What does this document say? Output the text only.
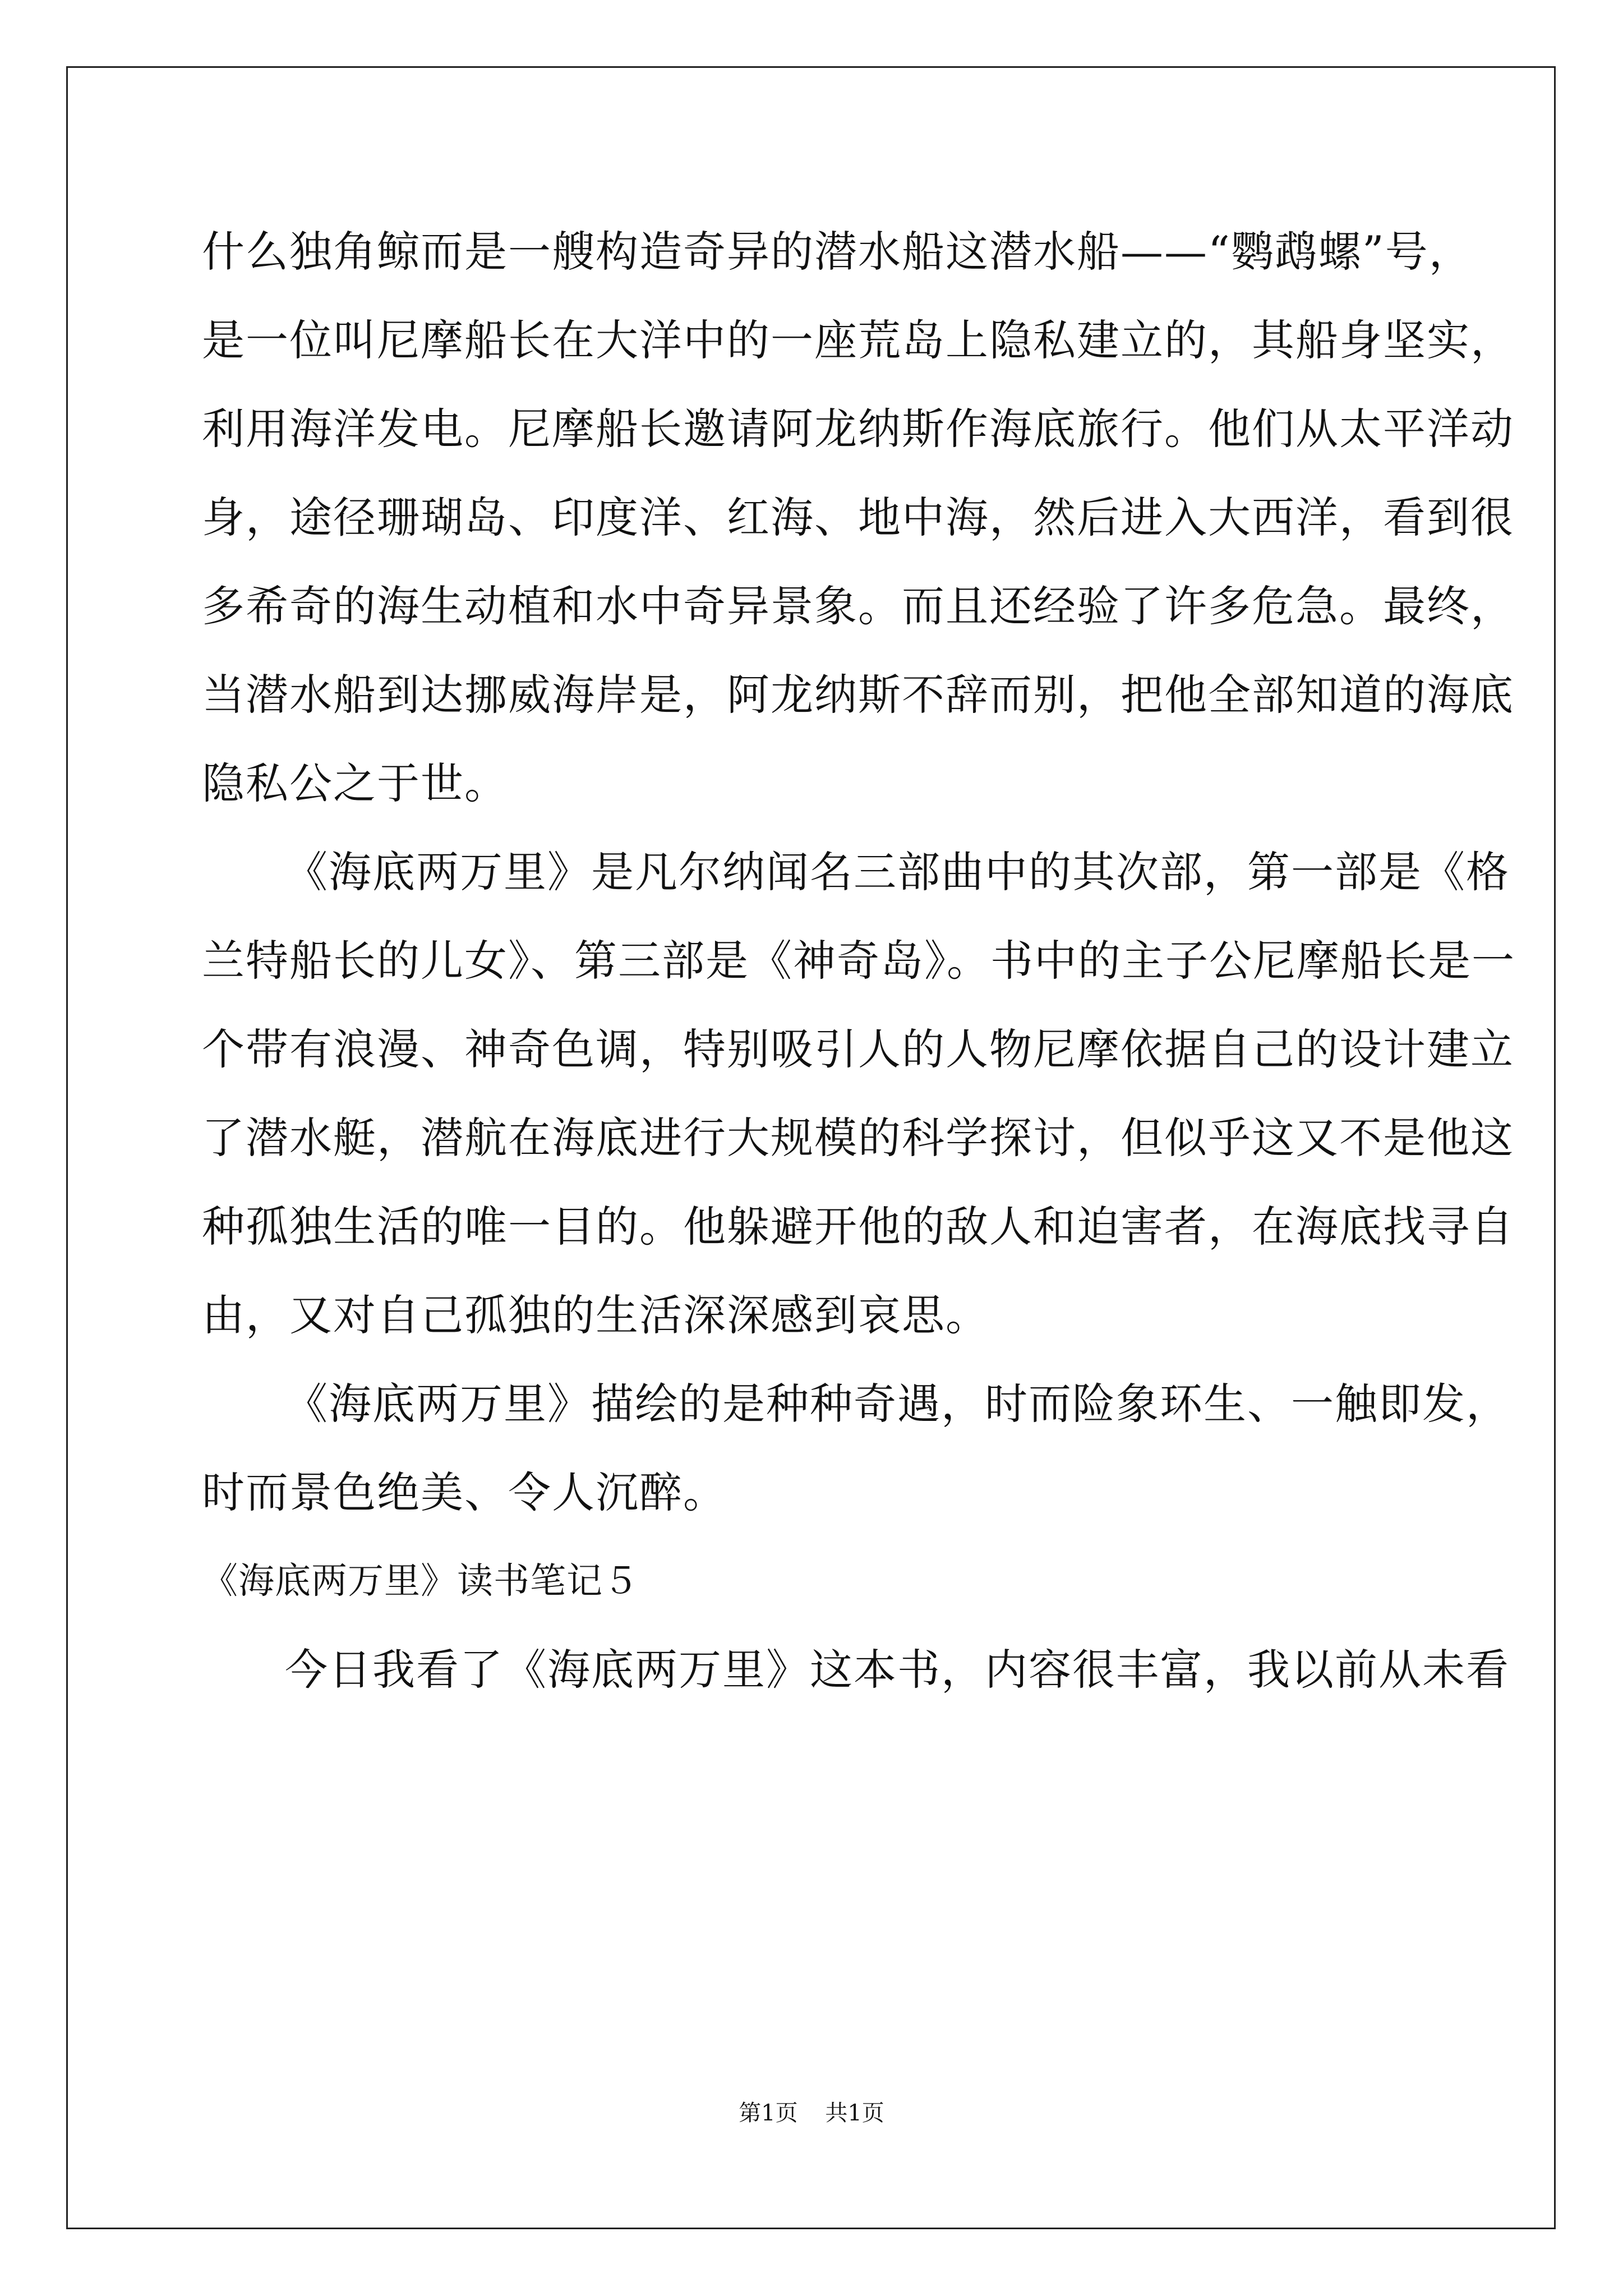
什么独角鲸而是一艘构造奇异的潜水船这潜水船——“鹦鹉螺”号，
是一位叫尼摩船长在大洋中的一座荒岛上隐私建立的，其船身坚实，
利用海洋发电。尼摩船长邀请阿龙纳斯作海底旅行。他们从太平洋动
身，途径珊瑚岛、印度洋、红海、地中海，然后进入大西洋，看到很
多希奇的海生动植和水中奇异景象。而且还经验了许多危急。最终，
当潜水船到达挪威海岸是，阿龙纳斯不辞而别，把他全部知道的海底
隐私公之于世。
《海底两万里》是凡尔纳闻名三部曲中的其次部，第一部是《格
兰特船长的儿女》、第三部是《神奇岛》。书中的主子公尼摩船长是一
个带有浪漫、神奇色调，特别吸引人的人物尼摩依据自己的设计建立
了潜水艇，潜航在海底进行大规模的科学探讨，但似乎这又不是他这
种孤独生活的唯一目的。他躲避开他的敌人和迫害者，在海底找寻自
由，又对自己孤独的生活深深感到哀思。
《海底两万里》描绘的是种种奇遇，时而险象环生、一触即发，
时而景色绝美、令人沉醉。
《海底两万里》读书笔记５
今日我看了《海底两万里》这本书，内容很丰富，我以前从未看
第1页 共1页
